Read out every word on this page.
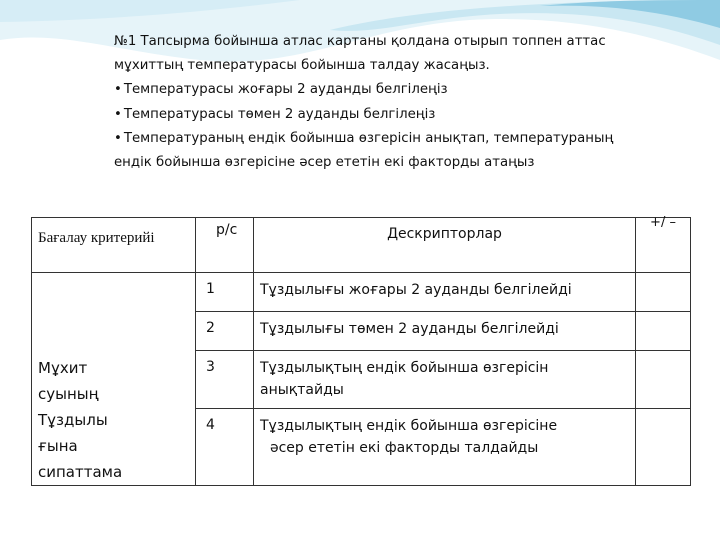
№1 Тапсырма бойынша атлас картаны қолдана отырып топпен аттас

мұхиттың температурасы бойынша талдау жасаңыз.

• Температурасы жоғары 2 ауданды белгілеңіз

• Температурасы төмен 2 ауданды белгілеңіз

• Температураның ендік бойынша өзгерісін анықтап, температураның

ендік бойынша өзгерісіне әсер ететін екі факторды атаңыз

Бағалау критерийі	р/с	Дескрипторлар	+/ –

Мұхит
суының
Тұздылы
ғына
сипаттама	1	Тұздылығы жоғары 2 ауданды белгілейді	
	2	Тұздылығы төмен 2 ауданды белгілейді	
	3	Тұздылықтың ендік бойынша өзгерісін
анықтайды	

	4	Тұздылықтың ендік бойынша өзгерісіне
әсер ететін екі факторды талдайды	
